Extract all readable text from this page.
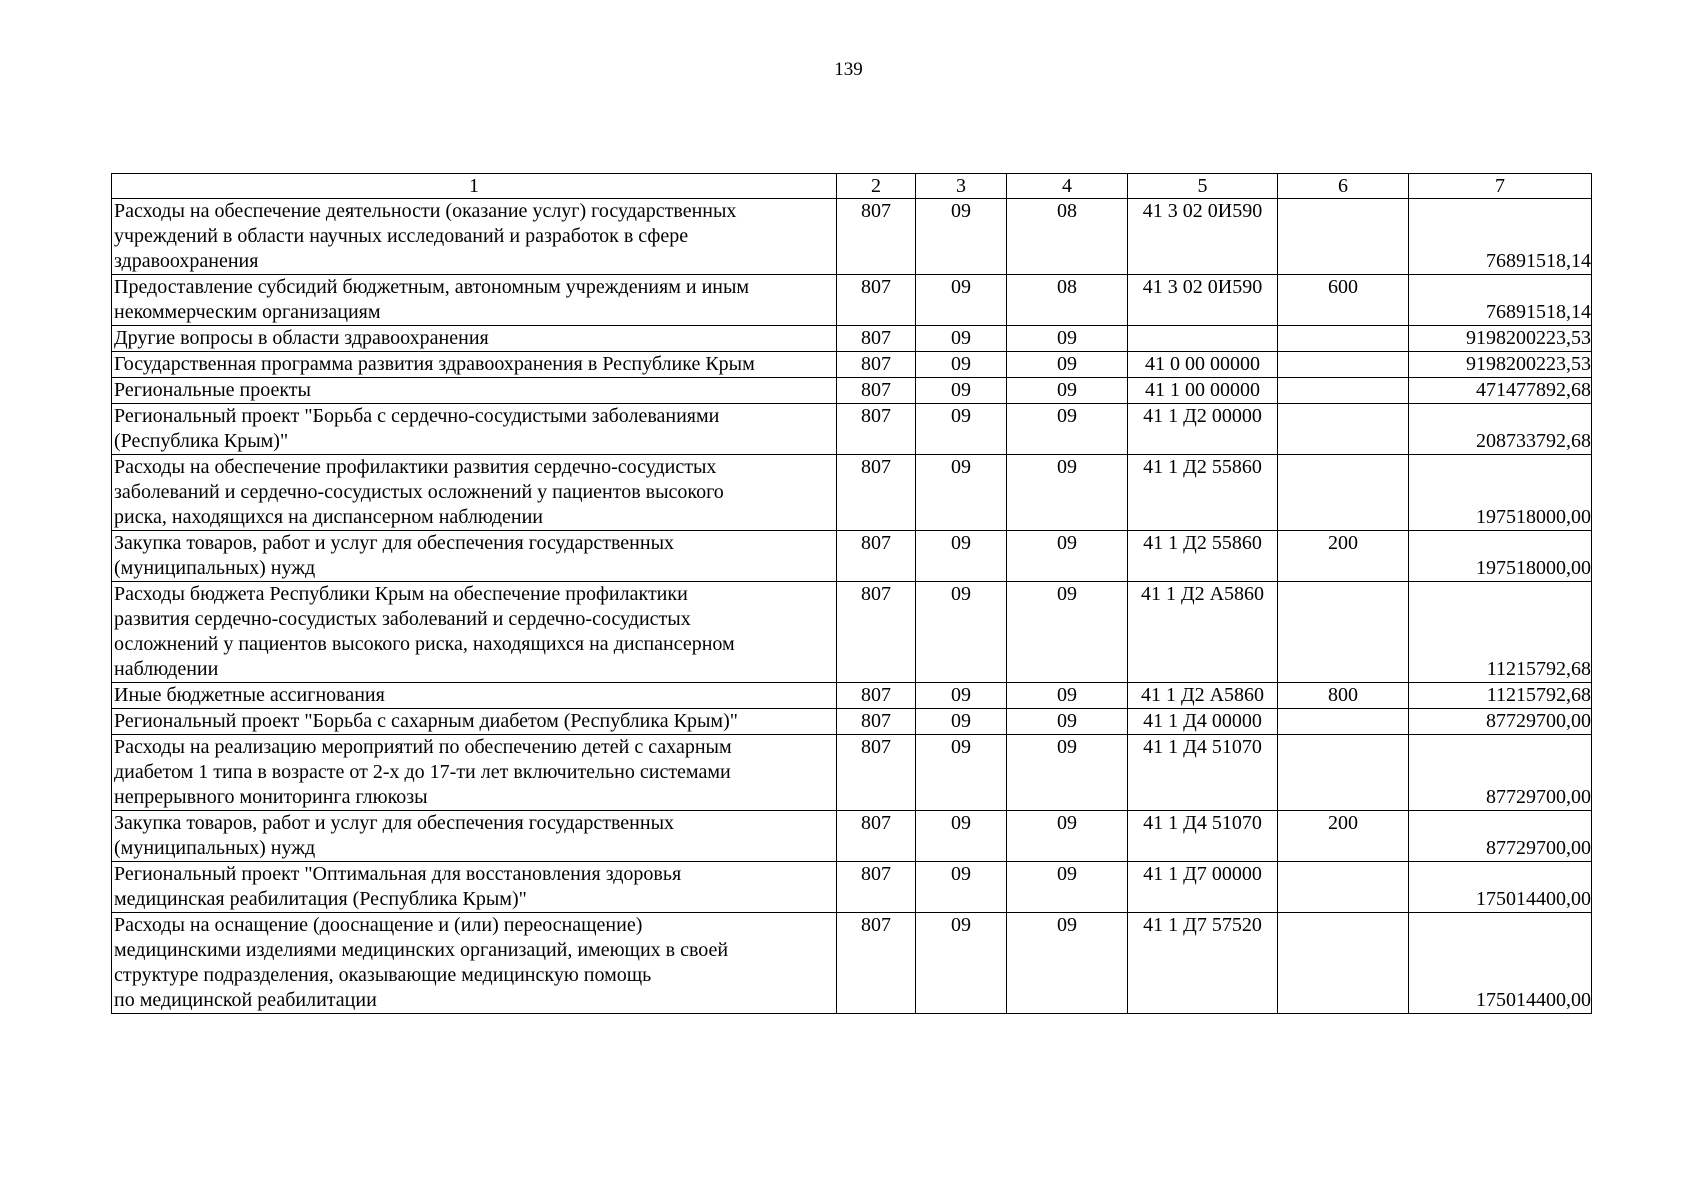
139
1	2	3	4	5	6	7
Расходы на обеспечение деятельности (оказание услуг) государственных
учреждений в области научных исследований и разработок в сфере
здравоохранения	807	09	08	41 3 02 0И590		76891518,14
Предоставление субсидий бюджетным, автономным учреждениям и иным
некоммерческим организациям	807	09	08	41 3 02 0И590	600	76891518,14
Другие вопросы в области здравоохранения	807	09	09			9198200223,53
Государственная программа развития здравоохранения в Республике Крым	807	09	09	41 0 00 00000		9198200223,53
Региональные проекты	807	09	09	41 1 00 00000		471477892,68
Региональный проект "Борьба с сердечно-сосудистыми заболеваниями
(Республика Крым)"	807	09	09	41 1 Д2 00000		208733792,68
Расходы на обеспечение профилактики развития сердечно-сосудистых
заболеваний и сердечно-сосудистых осложнений у пациентов высокого
риска, находящихся на диспансерном наблюдении	807	09	09	41 1 Д2 55860		197518000,00
Закупка товаров, работ и услуг для обеспечения государственных
(муниципальных) нужд	807	09	09	41 1 Д2 55860	200	197518000,00
Расходы бюджета Республики Крым на обеспечение профилактики
развития сердечно-сосудистых заболеваний и сердечно-сосудистых
осложнений у пациентов высокого риска, находящихся на диспансерном
наблюдении	807	09	09	41 1 Д2 А5860		11215792,68
Иные бюджетные ассигнования	807	09	09	41 1 Д2 А5860	800	11215792,68
Региональный проект "Борьба с сахарным диабетом (Республика Крым)"	807	09	09	41 1 Д4 00000		87729700,00
Расходы на реализацию мероприятий по обеспечению детей с сахарным
диабетом 1 типа в возрасте от 2-х до 17-ти лет включительно системами
непрерывного мониторинга глюкозы	807	09	09	41 1 Д4 51070		87729700,00
Закупка товаров, работ и услуг для обеспечения государственных
(муниципальных) нужд	807	09	09	41 1 Д4 51070	200	87729700,00
Региональный проект "Оптимальная для восстановления здоровья
медицинская реабилитация (Республика Крым)"	807	09	09	41 1 Д7 00000		175014400,00
Расходы на оснащение (дооснащение и (или) переоснащение)
медицинскими изделиями медицинских организаций, имеющих в своей
структуре подразделения, оказывающие медицинскую помощь
по медицинской реабилитации	807	09	09	41 1 Д7 57520		175014400,00
